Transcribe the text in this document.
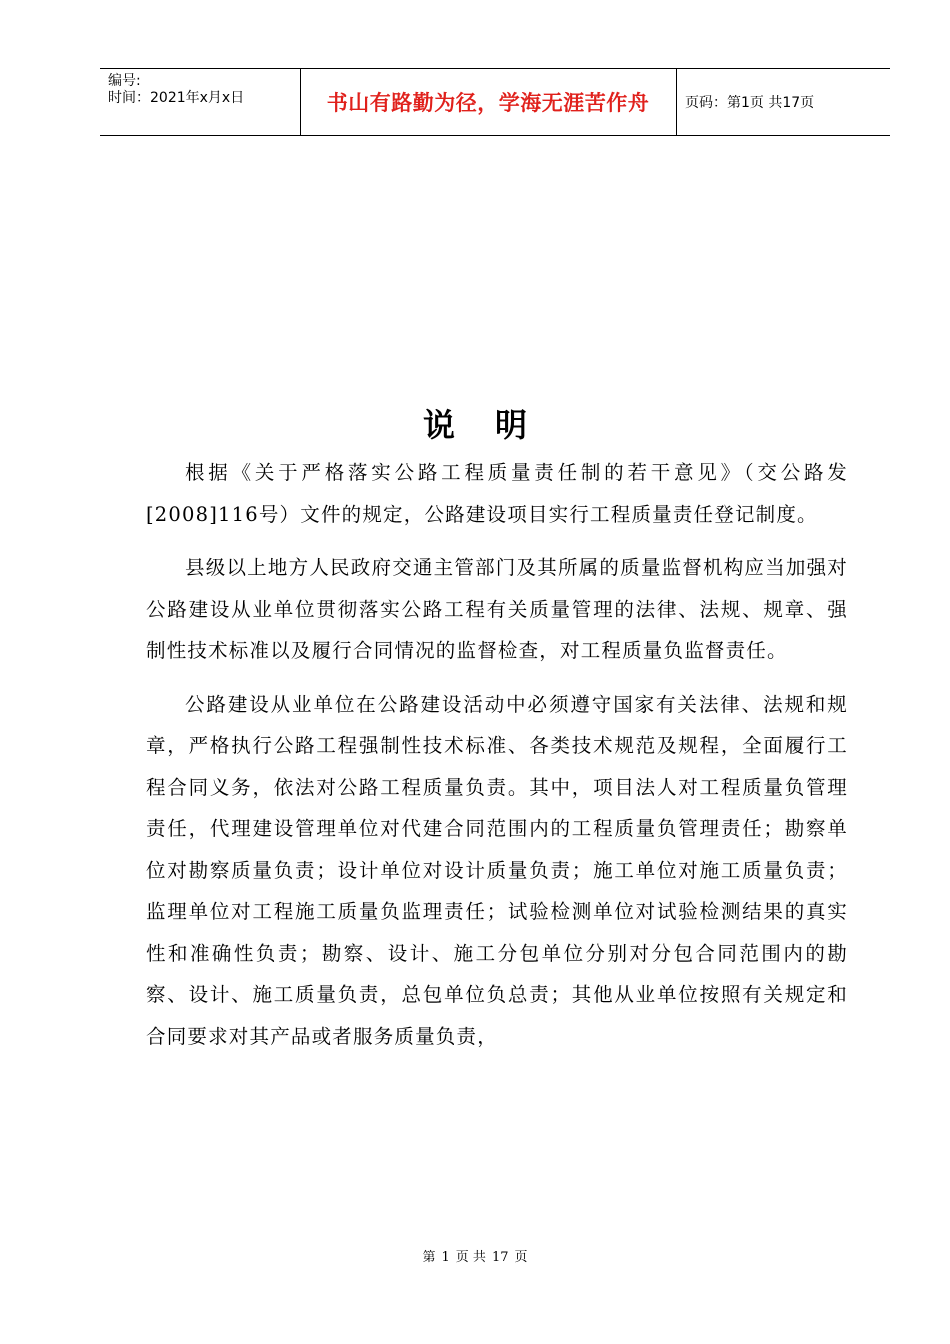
编号:
时间：2021年x月x日	书山有路勤为径，学海无涯苦作舟	页码：第1页 共17页
说明

根据《关于严格落实公路工程质量责任制的若干意见》（交公路发[2008]116号）文件的规定，公路建设项目实行工程质量责任登记制度。

县级以上地方人民政府交通主管部门及其所属的质量监督机构应当加强对公路建设从业单位贯彻落实公路工程有关质量管理的法律、法规、规章、强制性技术标准以及履行合同情况的监督检查，对工程质量负监督责任。

公路建设从业单位在公路建设活动中必须遵守国家有关法律、法规和规章，严格执行公路工程强制性技术标准、各类技术规范及规程，全面履行工程合同义务，依法对公路工程质量负责。其中，项目法人对工程质量负管理责任，代理建设管理单位对代建合同范围内的工程质量负管理责任；勘察单位对勘察质量负责；设计单位对设计质量负责；施工单位对施工质量负责；监理单位对工程施工质量负监理责任；试验检测单位对试验检测结果的真实性和准确性负责；勘察、设计、施工分包单位分别对分包合同范围内的勘察、设计、施工质量负责，总包单位负总责；其他从业单位按照有关规定和合同要求对其产品或者服务质量负责，

第 1 页 共 17 页
